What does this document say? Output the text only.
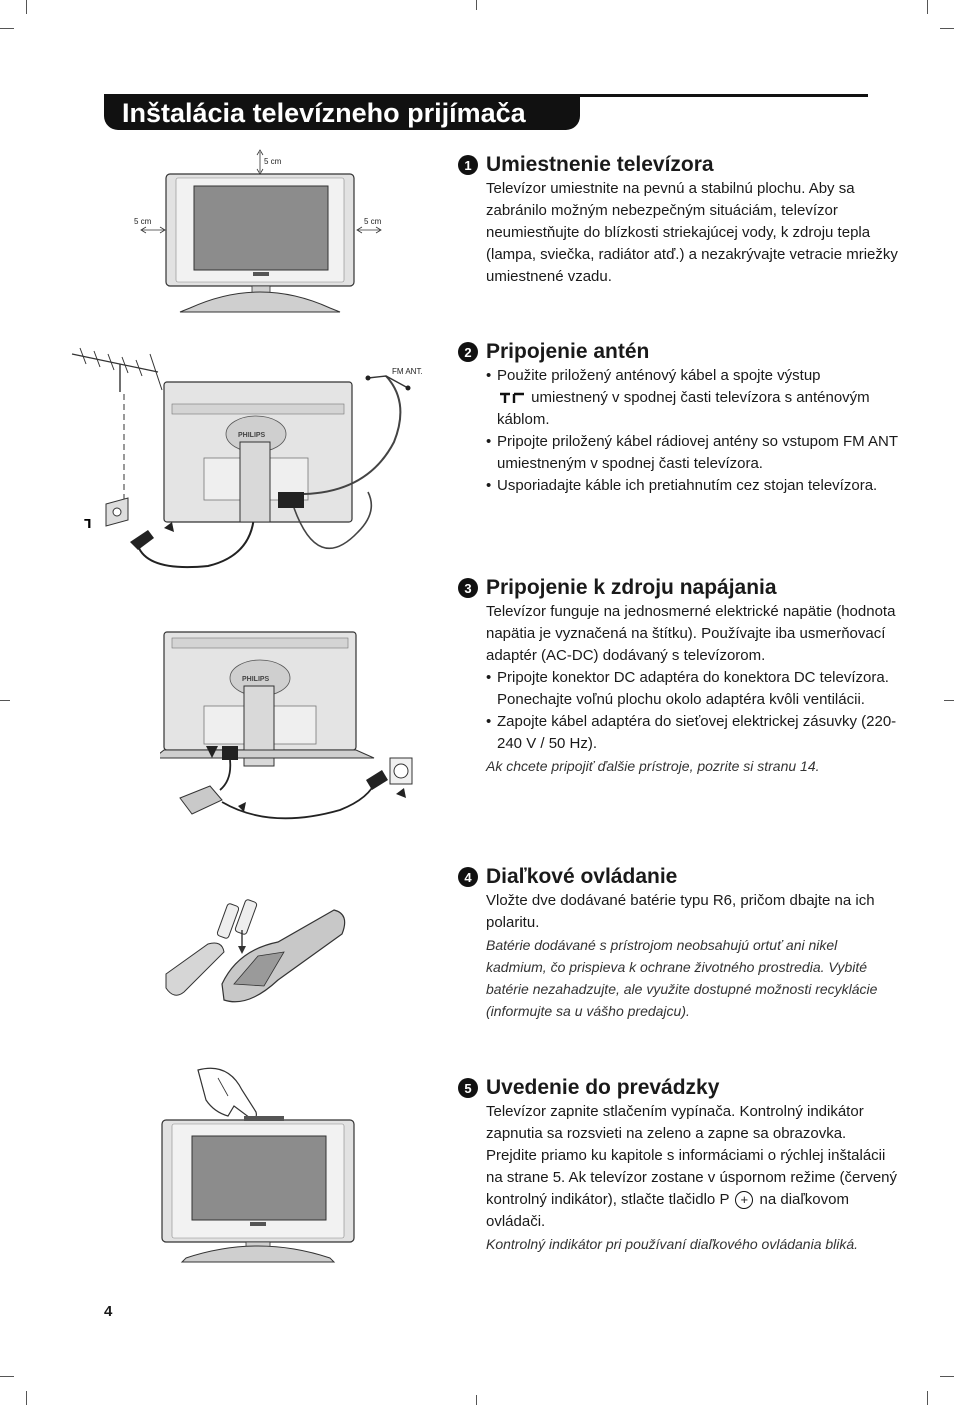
Inštalácia televízneho prijímača
5 cm
5 cm	5 cm
ᒣ
PHILIPS
FM ANT.
PHILIPS
1 Umiestnenie televízora

Televízor umiestnite na pevnú a stabilnú plochu. Aby sa zabránilo možným nebezpečným situáciám, televízor neumiestňujte do blízkosti striekajúcej vody, k zdroju tepla (lampa, sviečka, radiátor atď.) a nezakrývajte vetracie mriežky umiestnené vzadu.

2 Pripojenie antén
• Použite priložený anténový kábel a spojte výstup
umiestnený v spodnej časti televízora s anténovým káblom.
• Pripojte priložený kábel rádiovej antény so vstupom FM ANT umiestneným v spodnej časti televízora.
• Usporiadajte káble ich pretiahnutím cez stojan televízora.
3 Pripojenie k zdroju napájania

Televízor funguje na jednosmerné elektrické napätie (hodnota napätia je vyznačená na štítku). Používajte iba usmerňovací adaptér (AC-DC) dodávaný s televízorom.

• Pripojte konektor DC adaptéra do konektora DC televízora. Ponechajte voľnú plochu okolo adaptéra kvôli ventilácii.
• Zapojte kábel adaptéra do sieťovej elektrickej zásuvky (220-240 V / 50 Hz).

Ak chcete pripojiť ďalšie prístroje, pozrite si stranu 14.

4 Diaľkové ovládanie

Vložte dve dodávané batérie typu R6, pričom dbajte na ich polaritu.

Batérie dodávané s prístrojom neobsahujú ortuť ani nikel kadmium, čo prispieva k ochrane životného prostredia. Vybité batérie nezahadzujte, ale využite dostupné možnosti recyklácie (informujte sa u vášho predajcu).

5 Uvedenie do prevádzky

Televízor zapnite stlačením vypínača. Kontrolný indikátor zapnutia sa rozsvieti na zeleno a zapne sa obrazovka. Prejdite priamo ku kapitole s informáciami o rýchlej inštalácii na strane 5. Ak televízor zostane v úspornom režime (červený kontrolný indikátor), stlačte tlačidlo P + na diaľkovom ovládači.

Kontrolný indikátor pri používaní diaľkového ovládania bliká.

4
